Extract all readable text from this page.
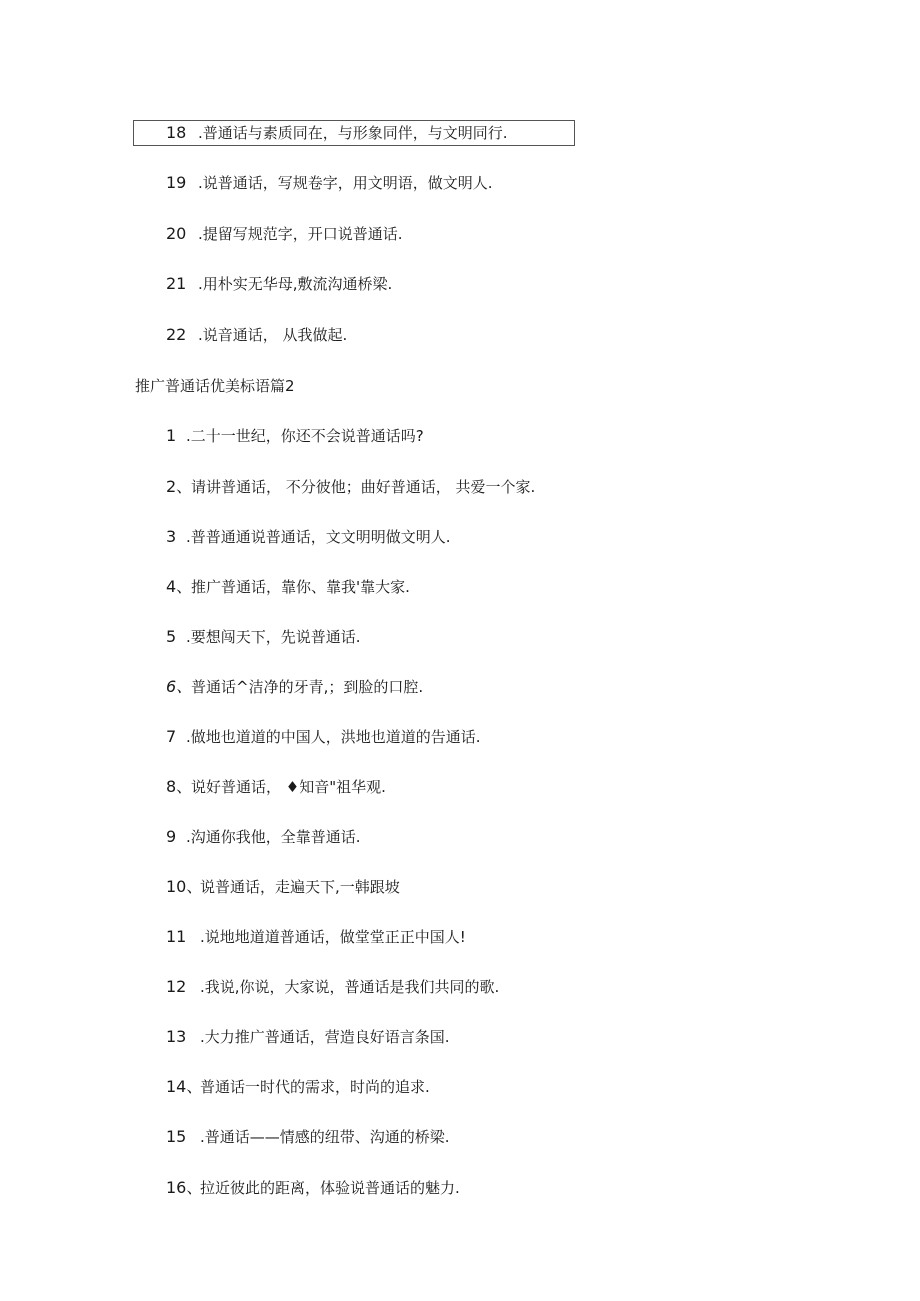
18 .普通话与素质同在，与形象同伴，与文明同行.
19 .说普通话，写规卷字，用文明语，做文明人.
20 .提留写规范字，开口说普通话.
21 .用朴实无华母,敷流沟通桥梁.
22 .说音通话， 从我做起.
推广普通话优美标语篇2
1 .二十一世纪，你还不会说普通话吗?
2、请讲普通话， 不分彼他；曲好普通话， 共爱一个家.
3 .普普通通说普通话，文文明明做文明人.
4、推广普通话，靠你、靠我'靠大家.
5 .要想闯天下，先说普通话.
6、普通话^洁净的牙青,；到脸的口腔.
7 .做地也道道的中国人，洪地也道道的告通话.
8、说好普通话， ♦知音"祖华观.
9 .沟通你我他，全靠普通话.
10、说普通话，走遍天下,一韩跟坡
11 .说地地道道普通话，做堂堂正正中国人!
12 .我说,你说，大家说，普通话是我们共同的歌.
13 .大力推广普通话，营造良好语言条国.
14、普通话一时代的需求，时尚的追求.
15 .普通话——情感的纽带、沟通的桥梁.
16、拉近彼此的距离，体验说普通话的魅力.
